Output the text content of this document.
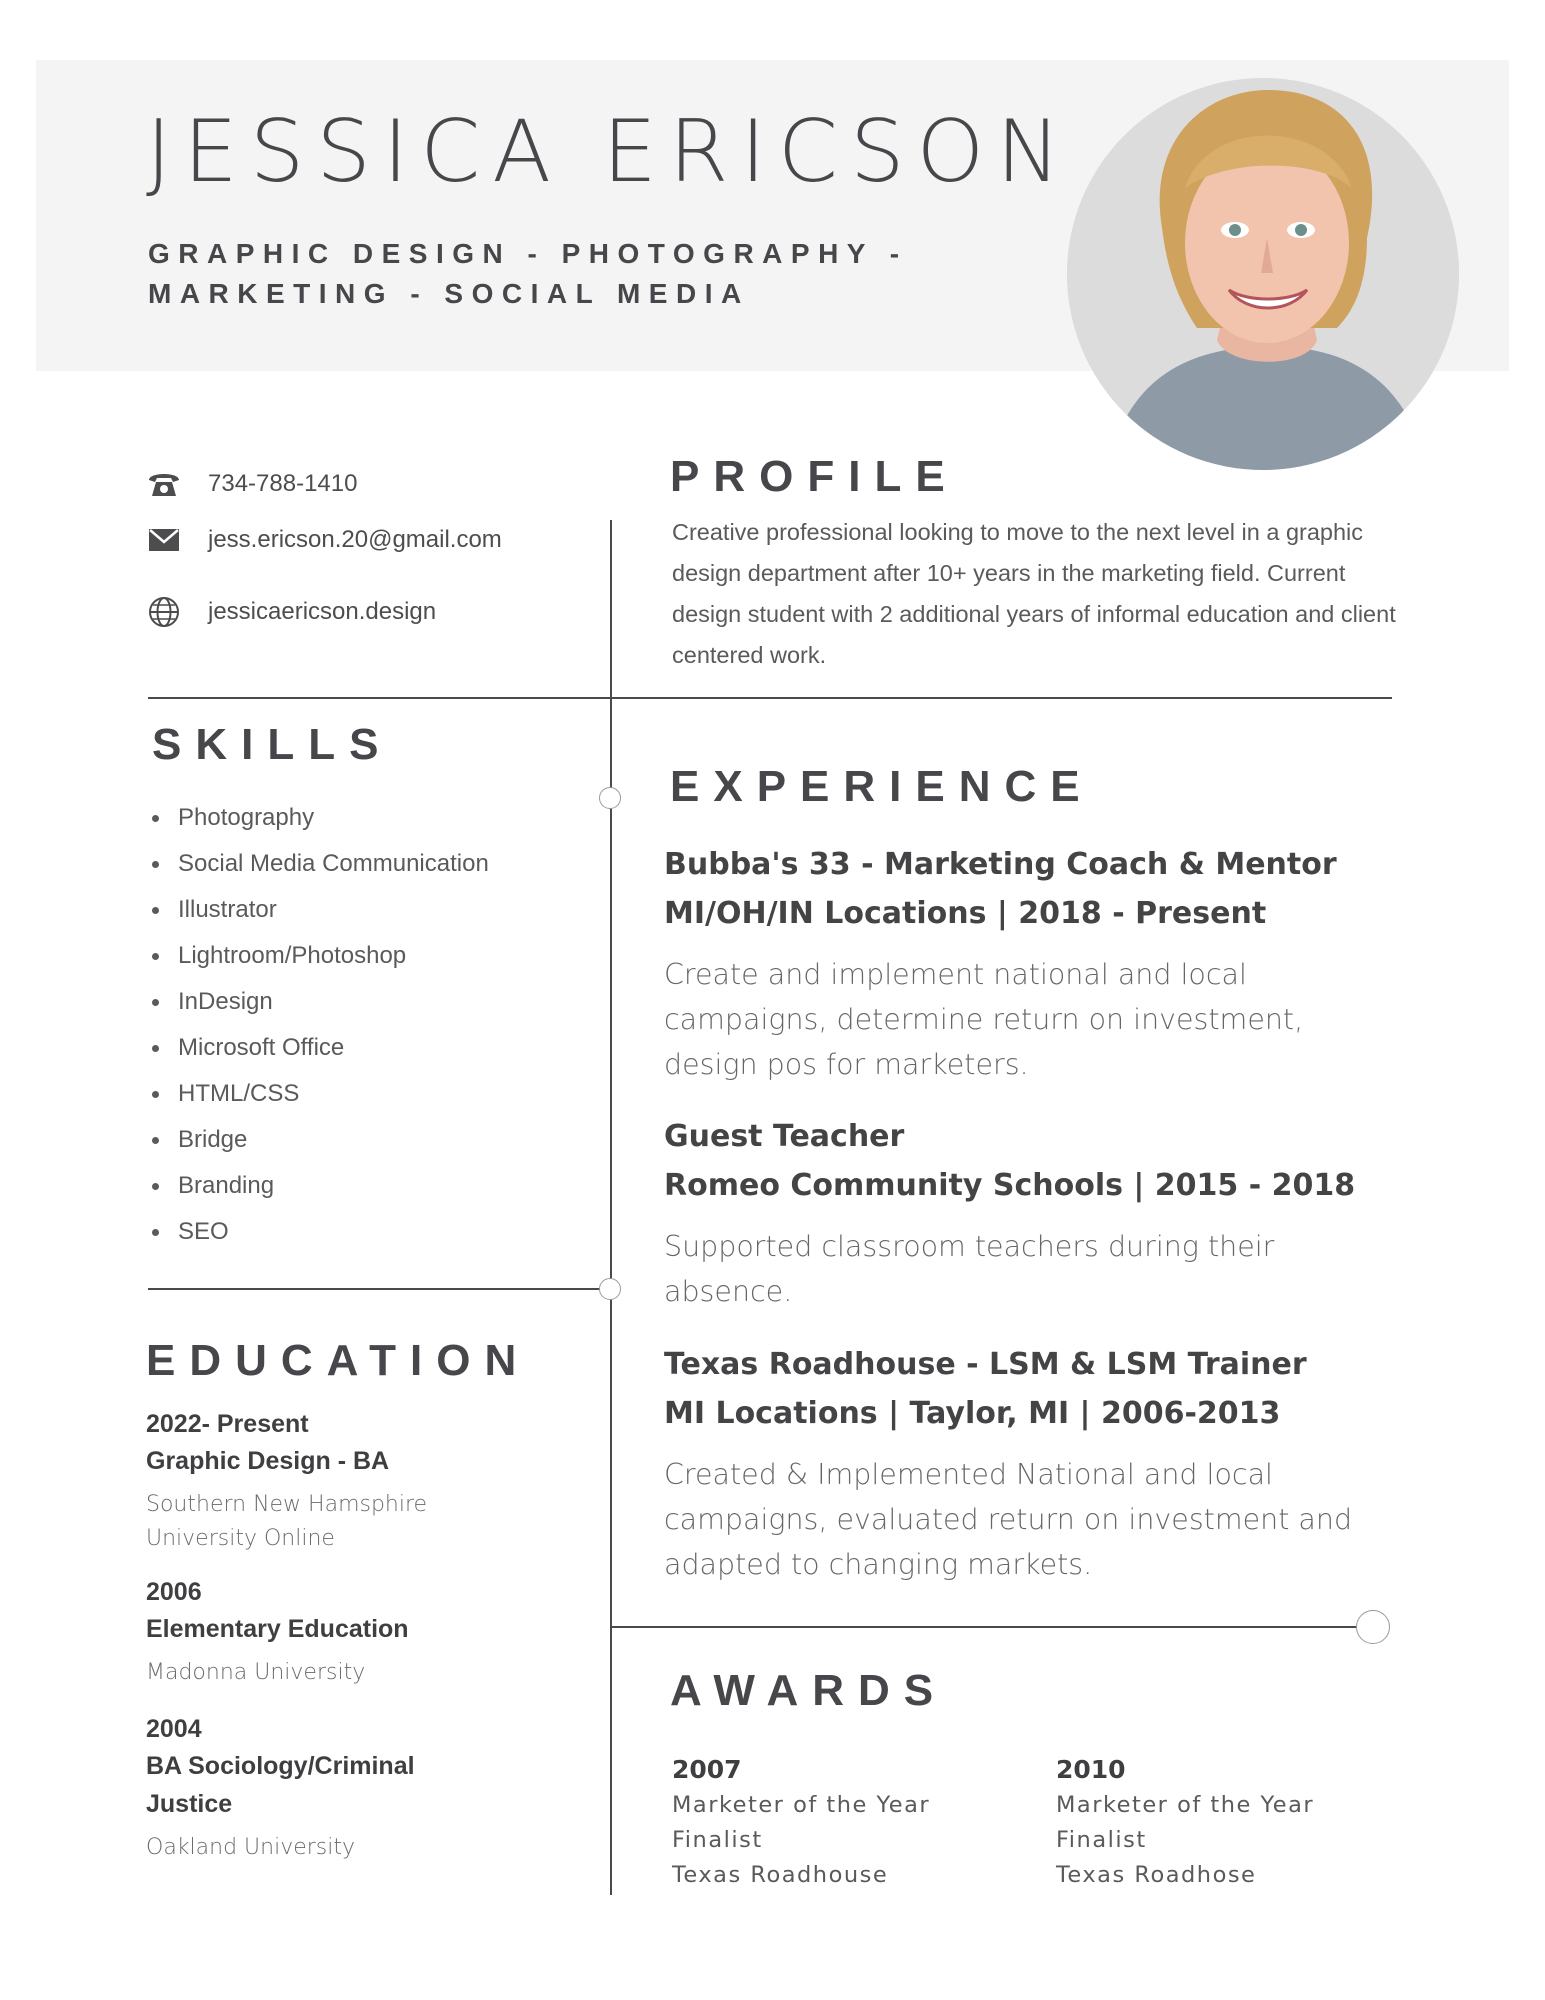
JESSICA ERICSON
GRAPHIC DESIGN - PHOTOGRAPHY -
MARKETING - SOCIAL MEDIA
734-788-1410
jess.ericson.20@gmail.com
jessicaericson.design
PROFILE
Creative professional looking to move to the next level in a graphic design department after 10+ years in the marketing field. Current design student with 2 additional years of informal education and client centered work.
SKILLS
Photography
Social Media Communication
Illustrator
Lightroom/Photoshop
InDesign
Microsoft Office
HTML/CSS
Bridge
Branding
SEO
EDUCATION
2022- Present
Graphic Design - BA
Southern New Hamsphire University Online
2006
Elementary Education
Madonna University
2004
BA Sociology/Criminal Justice
Oakland University
EXPERIENCE
Bubba's 33 - Marketing Coach & Mentor
MI/OH/IN Locations | 2018 - Present
Create and implement national and local campaigns, determine return on investment, design pos for marketers.
Guest Teacher
Romeo Community Schools | 2015 - 2018
Supported classroom teachers during their absence.
Texas Roadhouse - LSM & LSM Trainer
MI Locations | Taylor, MI | 2006-2013
Created & Implemented National and local campaigns, evaluated return on investment and adapted to changing markets.
AWARDS
2007
Marketer of the Year
Finalist
Texas Roadhouse
2010
Marketer of the Year
Finalist
Texas Roadhose
